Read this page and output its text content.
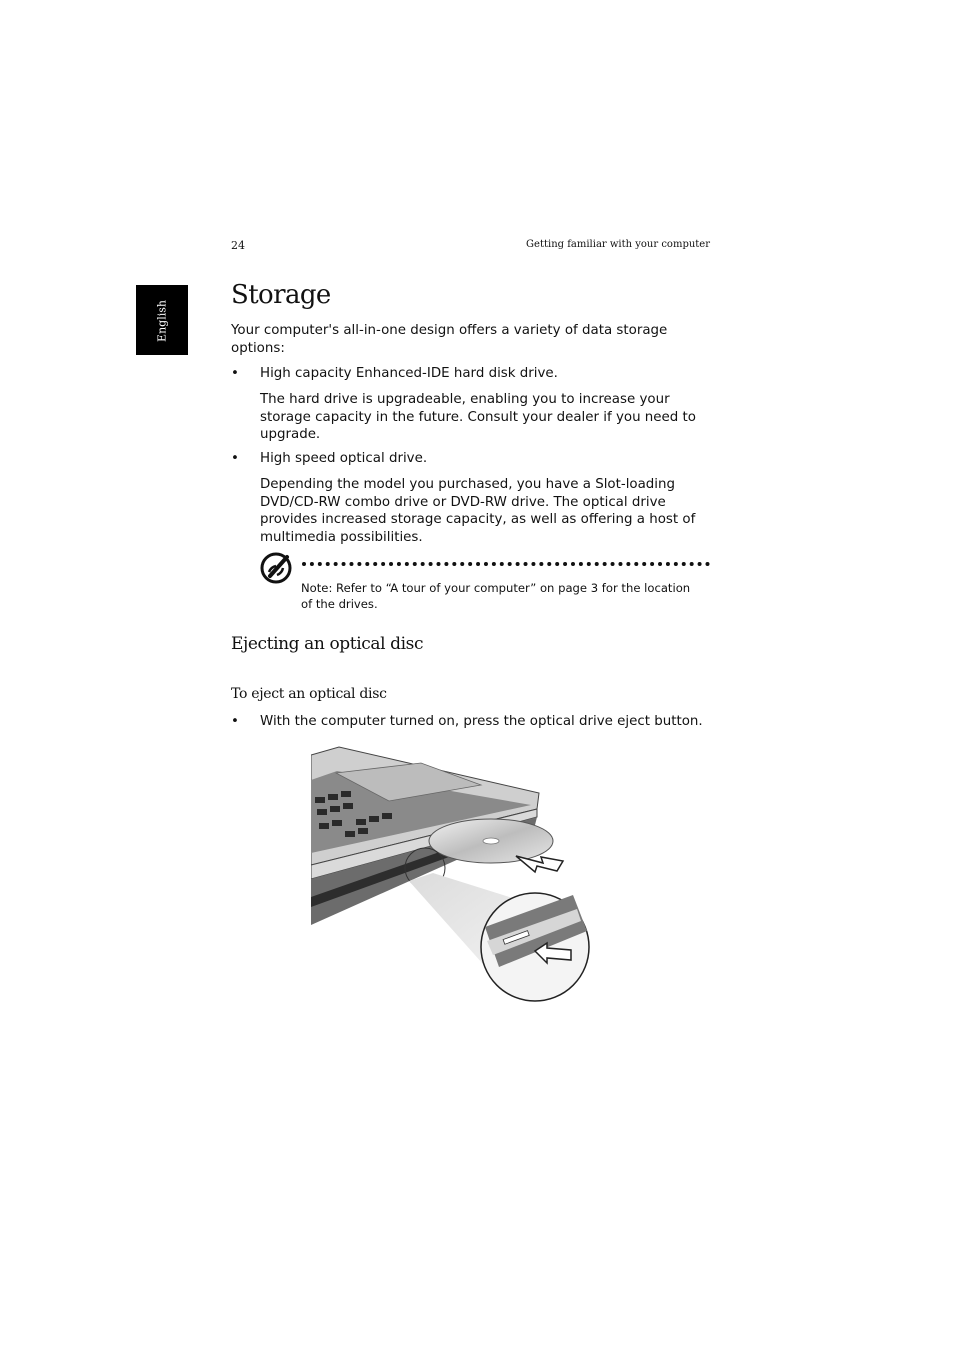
24	Getting familiar with your computer
English
Storage

Your computer's all-in-one design offers a variety of data storage options:

• High capacity Enhanced-IDE hard disk drive.

The hard drive is upgradeable, enabling you to increase your storage capacity in the future. Consult your dealer if you need to upgrade.

• High speed optical drive.

Depending the model you purchased, you have a Slot-loading DVD/CD-RW combo drive or DVD-RW drive. The optical drive provides increased storage capacity, as well as offering a host of multimedia possibilities.

Note: Refer to “A tour of your computer” on page 3 for the location of the drives.

Ejecting an optical disc
To eject an optical disc
• With the computer turned on, press the optical drive eject button.
